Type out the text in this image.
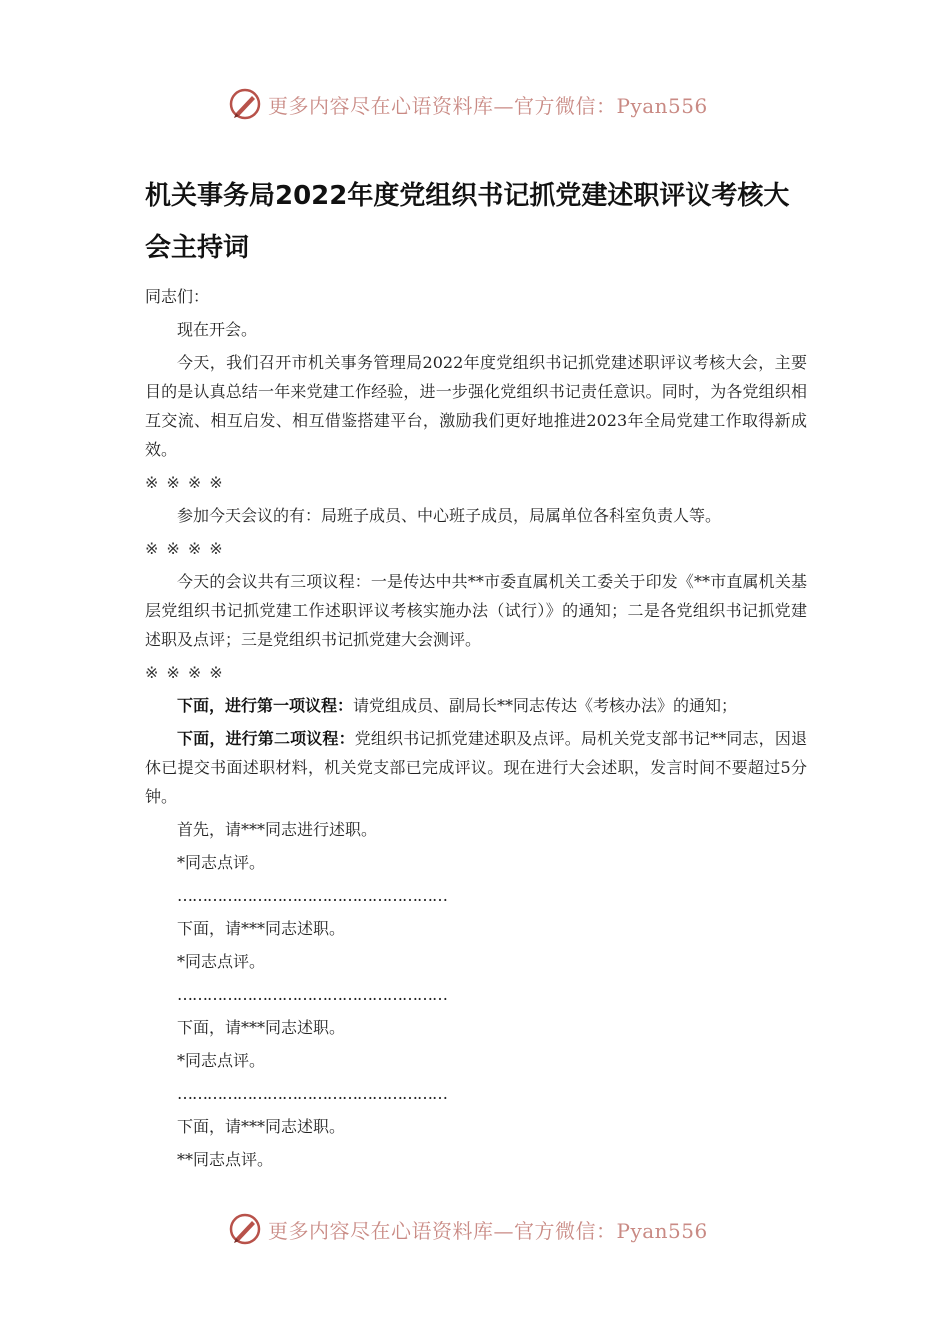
更多内容尽在心语资料库—官方微信：Pyan556
机关事务局2022年度党组织书记抓党建述职评议考核大会主持词

同志们：

现在开会。

今天，我们召开市机关事务管理局2022年度党组织书记抓党建述职评议考核大会，主要目的是认真总结一年来党建工作经验，进一步强化党组织书记责任意识。同时，为各党组织相互交流、相互启发、相互借鉴搭建平台，激励我们更好地推进2023年全局党建工作取得新成效。

※※※※

参加今天会议的有：局班子成员、中心班子成员，局属单位各科室负责人等。

※※※※

今天的会议共有三项议程：一是传达中共**市委直属机关工委关于印发《**市直属机关基层党组织书记抓党建工作述职评议考核实施办法（试行）》的通知；二是各党组织书记抓党建述职及点评；三是党组织书记抓党建大会测评。

※※※※

下面，进行第一项议程：请党组成员、副局长**同志传达《考核办法》的通知；

下面，进行第二项议程：党组织书记抓党建述职及点评。局机关党支部书记**同志，因退休已提交书面述职材料，机关党支部已完成评议。现在进行大会述职，发言时间不要超过5分钟。

首先，请***同志进行述职。

*同志点评。

………………………………………………

下面，请***同志述职。

*同志点评。

………………………………………………

下面，请***同志述职。

*同志点评。

………………………………………………

下面，请***同志述职。

**同志点评。

更多内容尽在心语资料库—官方微信：Pyan556
